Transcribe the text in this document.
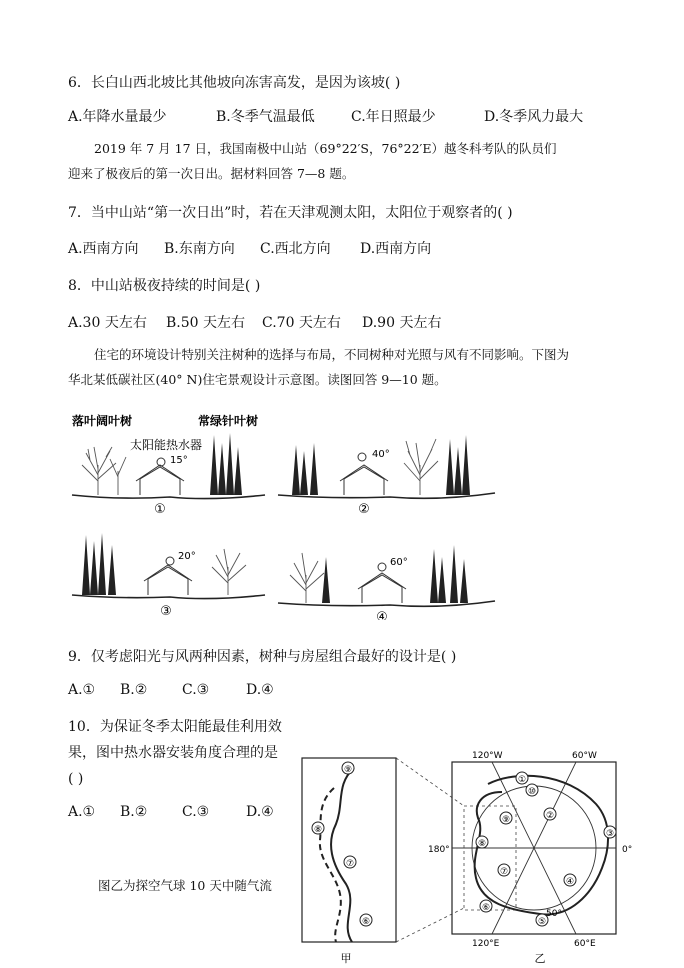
6．长白山西北坡比其他坡向冻害高发，是因为该坡( )
A.年降水量最少	B.冬季气温最低	C.年日照最少	D.冬季风力最大
2019 年 7 月 17 日，我国南极中山站（69°22′S，76°22′E）越冬科考队的队员们
迎来了极夜后的第一次日出。据材料回答 7—8 题。
7．当中山站“第一次日出”时，若在天津观测太阳，太阳位于观察者的( )
A.西南方向 B.东南方向 C.西北方向 D.西南方向
8．中山站极夜持续的时间是( )
A.30 天左右 B.50 天左右 C.70 天左右 D.90 天左右
住宅的环境设计特别关注树种的选择与布局，不同树种对光照与风有不同影响。下图为
华北某低碳社区(40° N)住宅景观设计示意图。读图回答 9—10 题。
落叶阔叶树	常绿针叶树
太阳能热水器
15°
①
20°
③
40°
②
60°
④
9．仅考虑阳光与风两种因素，树种与房屋组合最好的设计是( )
A.① B.② C.③	D.④
10．为保证冬季太阳能最佳利用效
果，图中热水器安装角度合理的是
( )
A.① B.② C.③	D.④
图乙为探空气球 10 天中随气流
⑨
⑧
⑦
⑥
甲
120°W	60°W
120°E	60°E
180°	0°
①
⑩
②
③
④
⑤
⑥
⑦
⑧
⑨
50°
乙
